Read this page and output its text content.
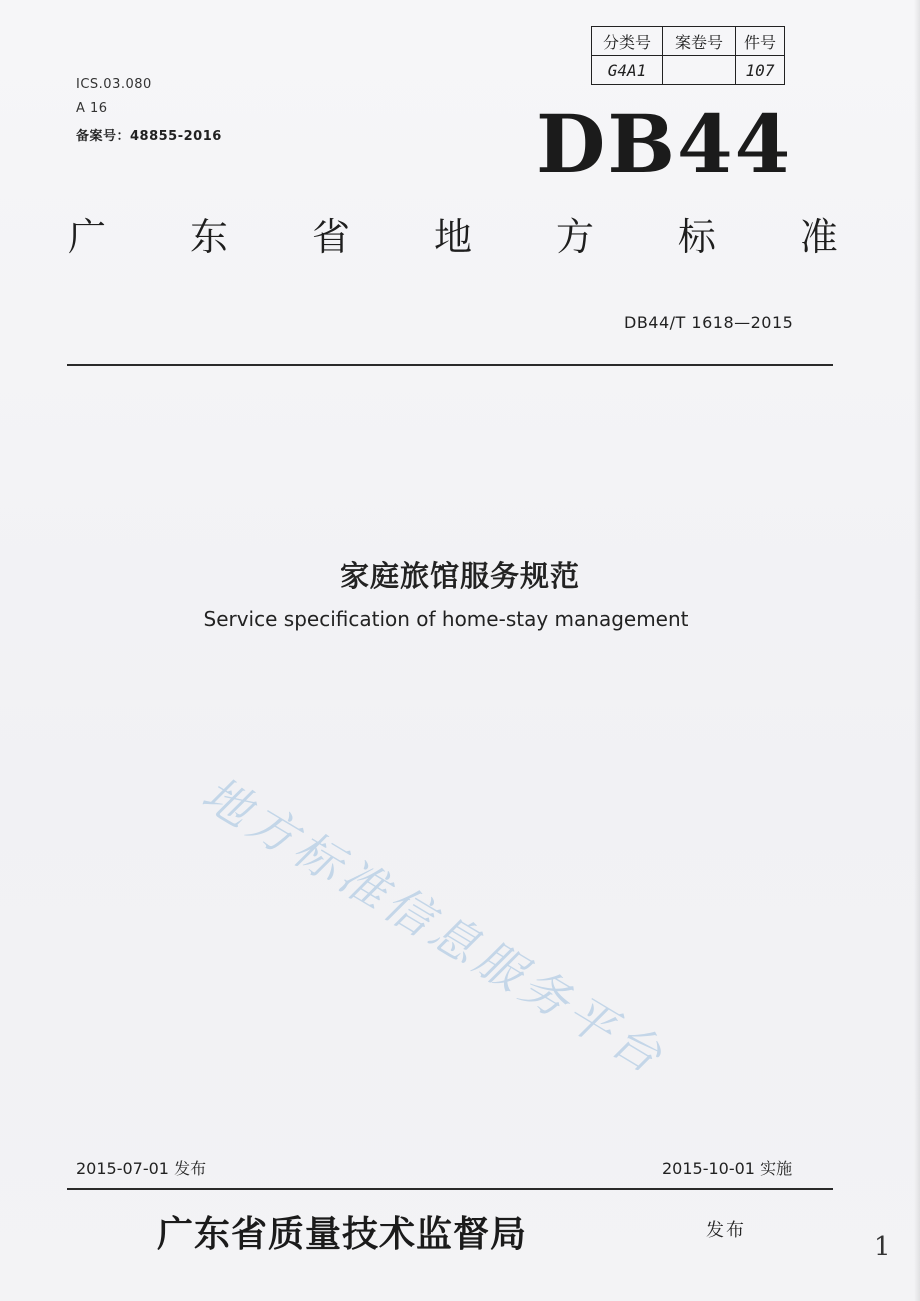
分类号	案卷号	件号
G4A1		107
ICS.03.080
A 16
备案号：48855-2016	DB44
广 东 省 地 方 标 准
DB44/T 1618—2015
家庭旅馆服务规范
Service specification of home-stay management
地方标准信息服务平台
2015-07-01 发布	2015-10-01 实施
广东省质量技术监督局	发布
1
